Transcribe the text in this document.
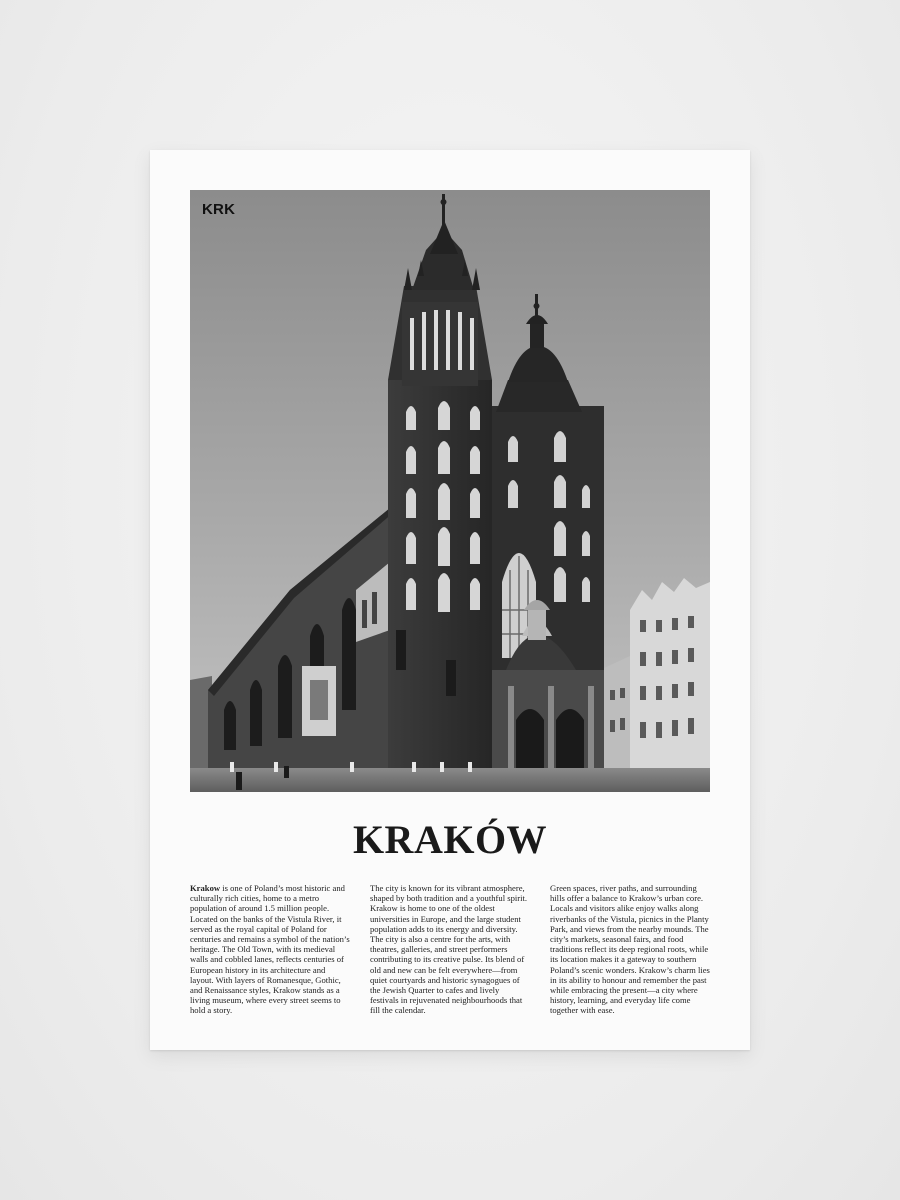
KRK
KRAKÓW

Krakow is one of Poland’s most historic and culturally rich cities, home to a metro population of around 1.5 million people. Located on the banks of the Vistula River, it served as the royal capital of Poland for centuries and remains a symbol of the nation’s heritage. The Old Town, with its medieval walls and cobbled lanes, reflects centuries of European history in its architecture and layout. With layers of Romanesque, Gothic, and Renaissance styles, Krakow stands as a living museum, where every street seems to hold a story.

The city is known for its vibrant atmosphere, shaped by both tradition and a youthful spirit. Krakow is home to one of the oldest universities in Europe, and the large student population adds to its energy and diversity. The city is also a centre for the arts, with theatres, galleries, and street performers contributing to its creative pulse. Its blend of old and new can be felt everywhere—from quiet courtyards and historic synagogues of the Jewish Quarter to cafes and lively festivals in rejuvenated neighbourhoods that fill the calendar.

Green spaces, river paths, and surrounding hills offer a balance to Krakow’s urban core. Locals and visitors alike enjoy walks along riverbanks of the Vistula, picnics in the Planty Park, and views from the nearby mounds. The city’s markets, seasonal fairs, and food traditions reflect its deep regional roots, while its location makes it a gateway to southern Poland’s scenic wonders. Krakow’s charm lies in its ability to honour and remember the past while embracing the present—a city where history, learning, and everyday life come together with ease.
